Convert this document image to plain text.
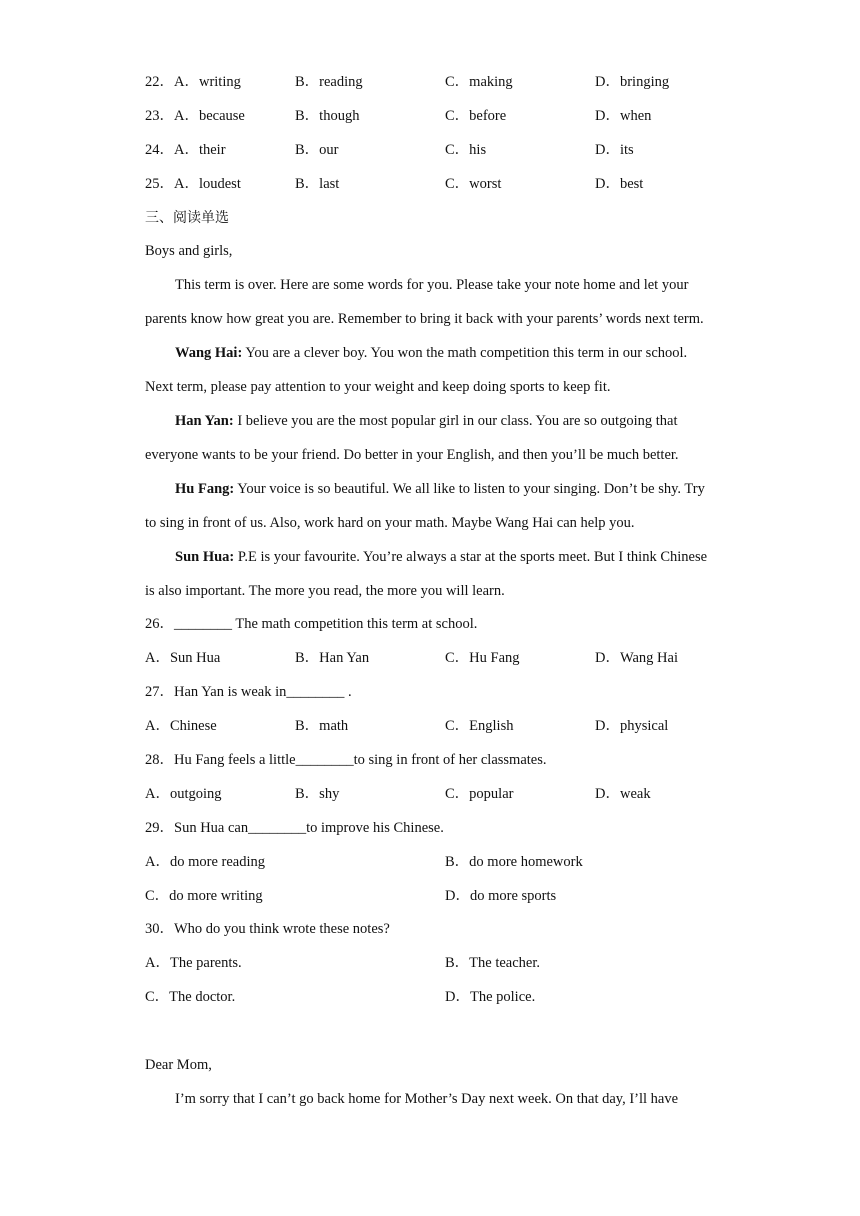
22．A．writing	B．reading	C．making	D．bringing
23．A．because	B．though	C．before	D．when
24．A．their	B．our	C．his	D．its
25．A．loudest	B．last	C．worst	D．best
三、阅读单选
Boys and girls,
This term is over. Here are some words for you. Please take your note home and let your parents know how great you are. Remember to bring it back with your parents’ words next term.
Wang Hai: You are a clever boy. You won the math competition this term in our school. Next term, please pay attention to your weight and keep doing sports to keep fit.
Han Yan: I believe you are the most popular girl in our class. You are so outgoing that everyone wants to be your friend. Do better in your English, and then you’ll be much better.
Hu Fang: Your voice is so beautiful. We all like to listen to your singing. Don’t be shy. Try to sing in front of us. Also, work hard on your math. Maybe Wang Hai can help you.
Sun Hua: P.E is your favourite. You’re always a star at the sports meet. But I think Chinese is also important. The more you read, the more you will learn.
26．________ The math competition this term at school.
A．Sun Hua	B．Han Yan	C．Hu Fang	D．Wang Hai
27．Han Yan is weak in________ .
A．Chinese	B．math	C．English	D．physical
28．Hu Fang feels a little________to sing in front of her classmates.
A．outgoing	B．shy	C．popular	D．weak
29．Sun Hua can________to improve his Chinese.
A．do more reading	B．do more homework
C．do more writing	D．do more sports
30．Who do you think wrote these notes?
A．The parents.	B．The teacher.
C．The doctor.	D．The police.
Dear Mom,
I’m sorry that I can’t go back home for Mother’s Day next week. On that day, I’ll have
